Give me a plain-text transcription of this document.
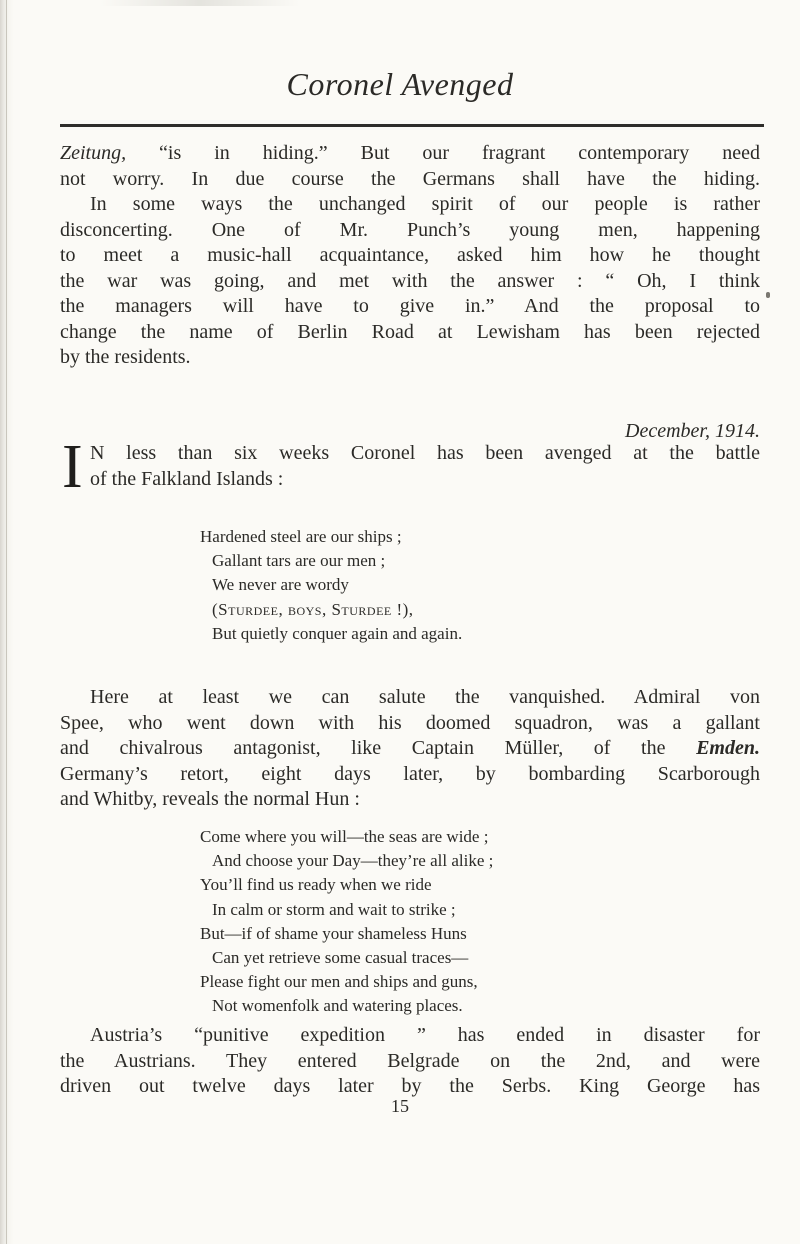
Coronel Avenged
Zeitung, “is in hiding.” But our fragrant contemporary need
not worry. In due course the Germans shall have the hiding.
In some ways the unchanged spirit of our people is rather
disconcerting. One of Mr. Punch’s young men, happening
to meet a music-hall acquaintance, asked him how he thought
the war was going, and met with the answer : “ Oh, I think
the managers will have to give in.” And the proposal to
change the name of Berlin Road at Lewisham has been rejected
by the residents.
December, 1914.
I N less than six weeks Coronel has been avenged at the battle
of the Falkland Islands :
Hardened steel are our ships ;
Gallant tars are our men ;
We never are wordy
(Sturdee, boys, Sturdee !),
But quietly conquer again and again.
Here at least we can salute the vanquished. Admiral von
Spee, who went down with his doomed squadron, was a gallant
and chivalrous antagonist, like Captain Müller, of the Emden.
Germany’s retort, eight days later, by bombarding Scarborough
and Whitby, reveals the normal Hun :
Come where you will—the seas are wide ;
And choose your Day—they’re all alike ;
You’ll find us ready when we ride
In calm or storm and wait to strike ;
But—if of shame your shameless Huns
Can yet retrieve some casual traces—
Please fight our men and ships and guns,
Not womenfolk and watering places.
Austria’s “punitive expedition ” has ended in disaster for
the Austrians. They entered Belgrade on the 2nd, and were
driven out twelve days later by the Serbs. King George has
15
